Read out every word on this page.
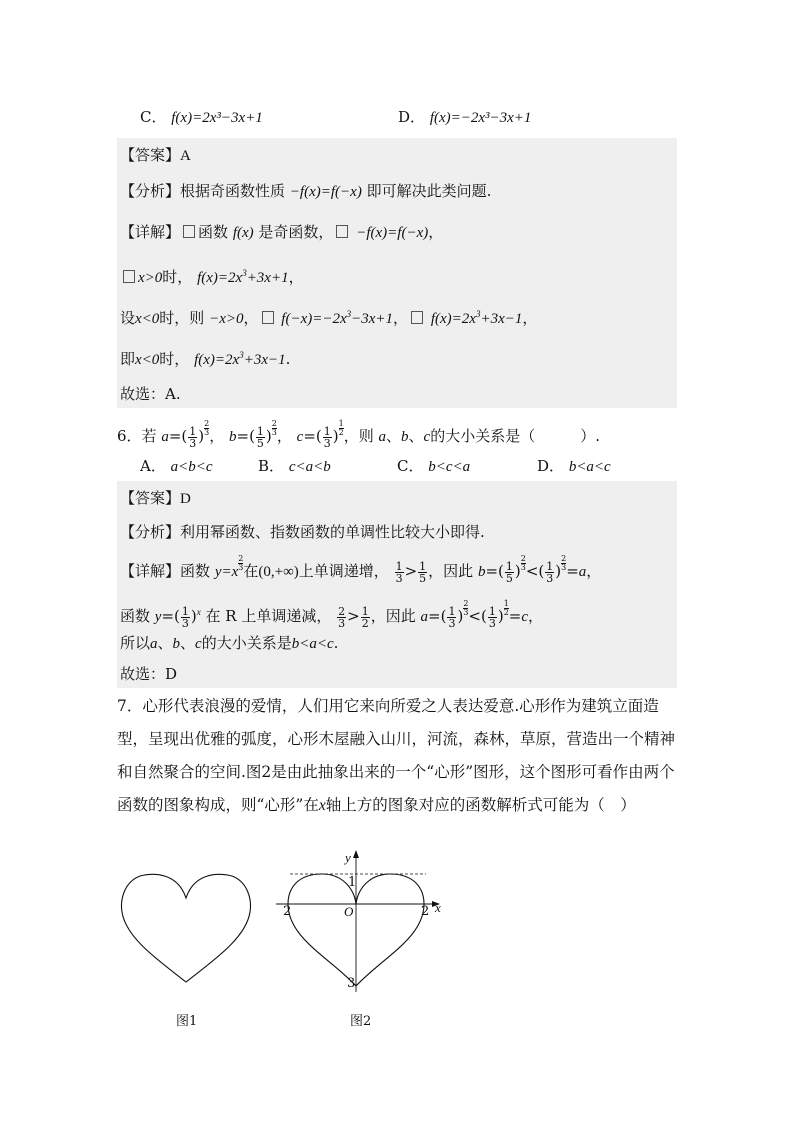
C． f(x)=2x³−3x+1	D． f(x)=−2x³−3x+1
【答案】A
【分析】根据奇函数性质 −f(x)=f(−x) 即可解决此类问题.
【详解】 函数 f(x) 是奇函数， −f(x)=f(−x)，
x>0时， $f(x)=2x^3+3x+1$，
设x<0时，则 −x>0， $f(-x)=-2x^3-3x+1$， $f(x)=2x^3+3x-1$，
即x<0时， $f(x)=2x^3+3x-1$.
故选：A.
6．若 $a=( \frac{1}{3}$ ) $\frac{2}{3}$， $b=( \frac{1}{5}$ ) $\frac{2}{3}$， $c=( \frac{1}{3}$ ) $\frac{1}{2}$，则 a、b、c的大小关系是（　　　）.
A． a<b<c	B． c<a<b	C． b<c<a	D． b<a<c
【答案】D
【分析】利用幂函数、指数函数的单调性比较大小即得.
【详解】函数 $y=x \frac{2}{3}$在(0,+∞)上单调递增， $\frac{1}{3} > \frac{1}{5}$ ，因此 $b=( \frac{1}{5}$ ) $\frac{2}{3}<( \frac{1}{3}$ ) $\frac{2}{3}=a$，
函数 $y=( \frac{1}{3} )^x$ 在 R 上单调递减， $\frac{2}{3} > \frac{1}{2}$ ，因此 $a=( \frac{1}{3}$ ) $\frac{2}{3}<( \frac{1}{3}$ ) $\frac{1}{2}=c$，
所以a、b、c的大小关系是b<a<c.
故选：D
7．心形代表浪漫的爱情，人们用它来向所爱之人表达爱意.心形作为建筑立面造型，呈现出优雅的弧度，心形木屋融入山川，河流，森林，草原，营造出一个精神和自然聚合的空间.图2是由此抽象出来的一个“心形”图形，这个图形可看作由两个函数的图象构成，则“心形”在x轴上方的图象对应的函数解析式可能为（　）
图1
y
1
O
2	2 x
3
图2
